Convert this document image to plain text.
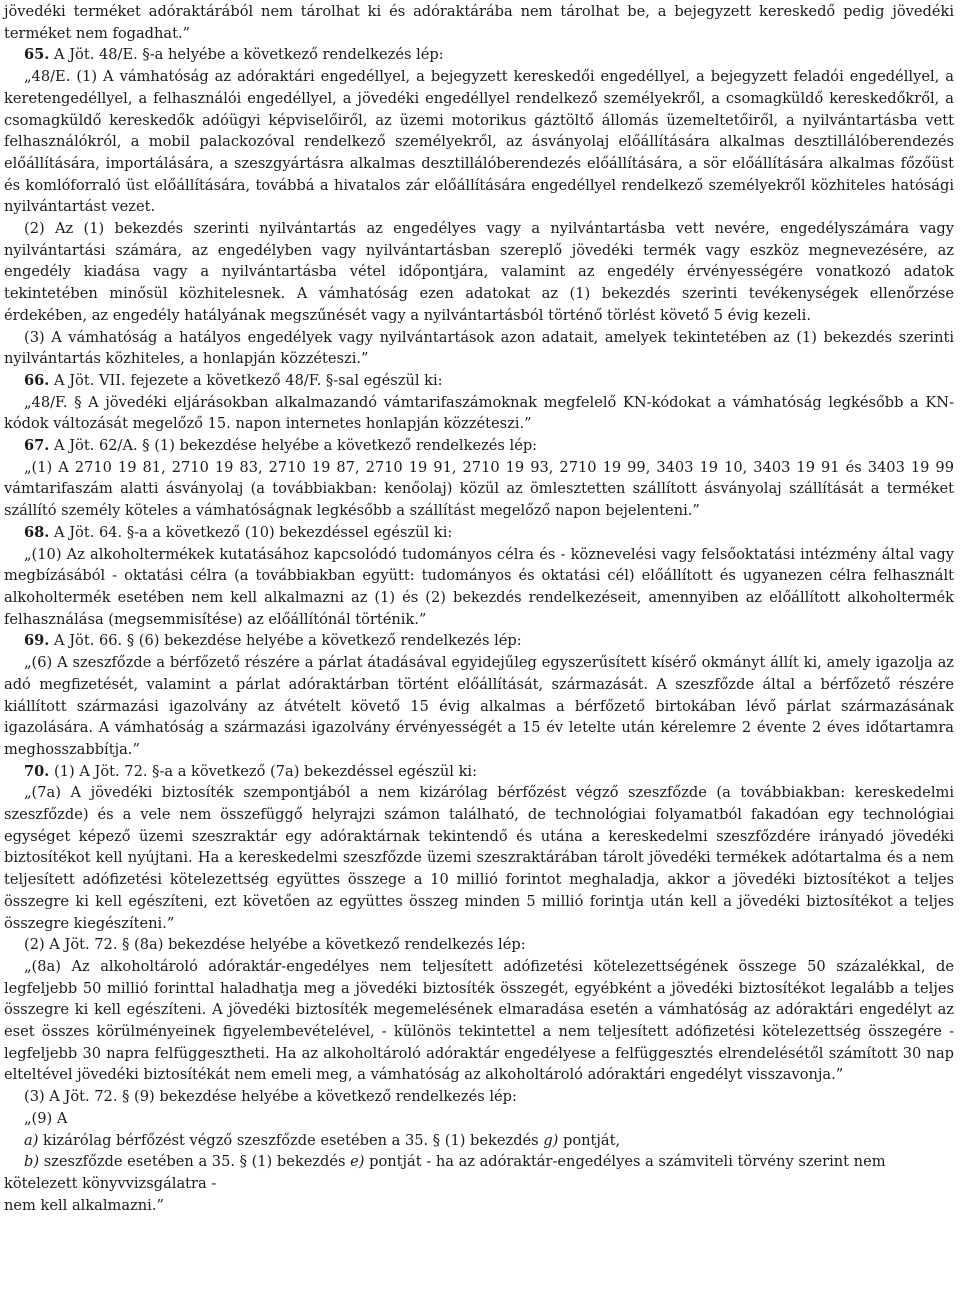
jövedéki terméket adóraktárából nem tárolhat ki és adóraktárába nem tárolhat be, a bejegyzett kereskedő pedig jövedéki terméket nem fogadhat.”

65. A Jöt. 48/E. §-a helyébe a következő rendelkezés lép:

„48/E. (1) A vámhatóság az adóraktári engedéllyel, a bejegyzett kereskedői engedéllyel, a bejegyzett feladói engedéllyel, a keretengedéllyel, a felhasználói engedéllyel, a jövedéki engedéllyel rendelkező személyekről, a csomagküldő kereskedőkről, a csomagküldő kereskedők adóügyi képviselőiről, az üzemi motorikus gáztöltő állomás üzemeltetőiről, a nyilvántartásba vett felhasználókról, a mobil palackozóval rendelkező személyekről, az ásványolaj előállítására alkalmas desztillálóberendezés előállítására, importálására, a szeszgyártásra alkalmas desztillálóberendezés előállítására, a sör előállítására alkalmas főzőüst és komlóforraló üst előállítására, továbbá a hivatalos zár előállítására engedéllyel rendelkező személyekről közhiteles hatósági nyilvántartást vezet.

(2) Az (1) bekezdés szerinti nyilvántartás az engedélyes vagy a nyilvántartásba vett nevére, engedélyszámára vagy nyilvántartási számára, az engedélyben vagy nyilvántartásban szereplő jövedéki termék vagy eszköz megnevezésére, az engedély kiadása vagy a nyilvántartásba vétel időpontjára, valamint az engedély érvényességére vonatkozó adatok tekintetében minősül közhitelesnek. A vámhatóság ezen adatokat az (1) bekezdés szerinti tevékenységek ellenőrzése érdekében, az engedély hatályának megszűnését vagy a nyilvántartásból történő törlést követő 5 évig kezeli.

(3) A vámhatóság a hatályos engedélyek vagy nyilvántartások azon adatait, amelyek tekintetében az (1) bekezdés szerinti nyilvántartás közhiteles, a honlapján közzéteszi.”

66. A Jöt. VII. fejezete a következő 48/F. §-sal egészül ki:

„48/F. § A jövedéki eljárásokban alkalmazandó vámtarifaszámoknak megfelelő KN-kódokat a vámhatóság legkésőbb a KN-kódok változását megelőző 15. napon internetes honlapján közzéteszi.”

67. A Jöt. 62/A. § (1) bekezdése helyébe a következő rendelkezés lép:

„(1) A 2710 19 81, 2710 19 83, 2710 19 87, 2710 19 91, 2710 19 93, 2710 19 99, 3403 19 10, 3403 19 91 és 3403 19 99 vámtarifaszám alatti ásványolaj (a továbbiakban: kenőolaj) közül az ömlesztetten szállított ásványolaj szállítását a terméket szállító személy köteles a vámhatóságnak legkésőbb a szállítást megelőző napon bejelenteni.”

68. A Jöt. 64. §-a a következő (10) bekezdéssel egészül ki:

„(10) Az alkoholtermékek kutatásához kapcsolódó tudományos célra és - köznevelési vagy felsőoktatási intézmény által vagy megbízásából - oktatási célra (a továbbiakban együtt: tudományos és oktatási cél) előállított és ugyanezen célra felhasznált alkoholtermék esetében nem kell alkalmazni az (1) és (2) bekezdés rendelkezéseit, amennyiben az előállított alkoholtermék felhasználása (megsemmisítése) az előállítónál történik.”

69. A Jöt. 66. § (6) bekezdése helyébe a következő rendelkezés lép:

„(6) A szeszfőzde a bérfőzető részére a párlat átadásával egyidejűleg egyszerűsített kísérő okmányt állít ki, amely igazolja az adó megfizetését, valamint a párlat adóraktárban történt előállítását, származását. A szeszfőzde által a bérfőzető részére kiállított származási igazolvány az átvételt követő 15 évig alkalmas a bérfőzető birtokában lévő párlat származásának igazolására. A vámhatóság a származási igazolvány érvényességét a 15 év letelte után kérelemre 2 évente 2 éves időtartamra meghosszabbítja.”

70. (1) A Jöt. 72. §-a a következő (7a) bekezdéssel egészül ki:

„(7a) A jövedéki biztosíték szempontjából a nem kizárólag bérfőzést végző szeszfőzde (a továbbiakban: kereskedelmi szeszfőzde) és a vele nem összefüggő helyrajzi számon található, de technológiai folyamatból fakadóan egy technológiai egységet képező üzemi szeszraktár egy adóraktárnak tekintendő és utána a kereskedelmi szeszfőzdére irányadó jövedéki biztosítékot kell nyújtani. Ha a kereskedelmi szeszfőzde üzemi szeszraktárában tárolt jövedéki termékek adótartalma és a nem teljesített adófizetési kötelezettség együttes összege a 10 millió forintot meghaladja, akkor a jövedéki biztosítékot a teljes összegre ki kell egészíteni, ezt követően az együttes összeg minden 5 millió forintja után kell a jövedéki biztosítékot a teljes összegre kiegészíteni.”

(2) A Jöt. 72. § (8a) bekezdése helyébe a következő rendelkezés lép:

„(8a) Az alkoholtároló adóraktár-engedélyes nem teljesített adófizetési kötelezettségének összege 50 százalékkal, de legfeljebb 50 millió forinttal haladhatja meg a jövedéki biztosíték összegét, egyébként a jövedéki biztosítékot legalább a teljes összegre ki kell egészíteni. A jövedéki biztosíték megemelésének elmaradása esetén a vámhatóság az adóraktári engedélyt az eset összes körülményeinek figyelembevételével, - különös tekintettel a nem teljesített adófizetési kötelezettség összegére - legfeljebb 30 napra felfüggesztheti. Ha az alkoholtároló adóraktár engedélyese a felfüggesztés elrendelésétől számított 30 nap elteltével jövedéki biztosítékát nem emeli meg, a vámhatóság az alkoholtároló adóraktári engedélyt visszavonja.”

(3) A Jöt. 72. § (9) bekezdése helyébe a következő rendelkezés lép:

„(9) A

a) kizárólag bérfőzést végző szeszfőzde esetében a 35. § (1) bekezdés g) pontját,

b) szeszfőzde esetében a 35. § (1) bekezdés e) pontját - ha az adóraktár-engedélyes a számviteli törvény szerint nem kötelezett könyvvizsgálatra -

nem kell alkalmazni.”
